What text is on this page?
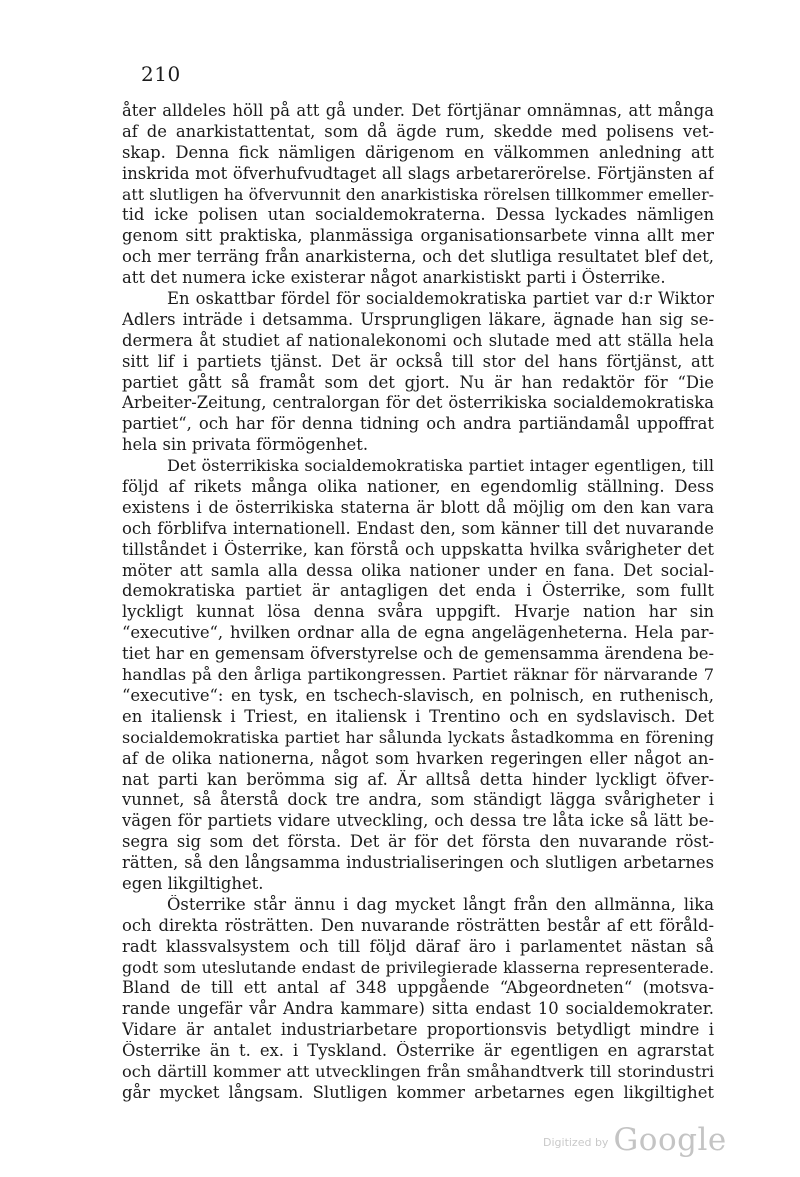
210
åter alldeles höll på att gå under. Det förtjänar omnämnas, att många
af de anarkistattentat, som då ägde rum, skedde med polisens vet-
skap. Denna fick nämligen därigenom en välkommen anledning att
inskrida mot öfverhufvudtaget all slags arbetarerörelse. Förtjänsten af
att slutligen ha öfvervunnit den anarkistiska rörelsen tillkommer emeller-
tid icke polisen utan socialdemokraterna. Dessa lyckades nämligen
genom sitt praktiska, planmässiga organisationsarbete vinna allt mer
och mer terräng från anarkisterna, och det slutliga resultatet blef det,
att det numera icke existerar något anarkistiskt parti i Österrike.
En oskattbar fördel för socialdemokratiska partiet var d:r Wiktor
Adlers inträde i detsamma. Ursprungligen läkare, ägnade han sig se-
dermera åt studiet af nationalekonomi och slutade med att ställa hela
sitt lif i partiets tjänst. Det är också till stor del hans förtjänst, att
partiet gått så framåt som det gjort. Nu är han redaktör för “Die
Arbeiter-Zeitung, centralorgan för det österrikiska socialdemokratiska
partiet“, och har för denna tidning och andra partiändamål uppoffrat
hela sin privata förmögenhet.
Det österrikiska socialdemokratiska partiet intager egentligen, till
följd af rikets många olika nationer, en egendomlig ställning. Dess
existens i de österrikiska staterna är blott då möjlig om den kan vara
och förblifva internationell. Endast den, som känner till det nuvarande
tillståndet i Österrike, kan förstå och uppskatta hvilka svårigheter det
möter att samla alla dessa olika nationer under en fana. Det social-
demokratiska partiet är antagligen det enda i Österrike, som fullt
lyckligt kunnat lösa denna svåra uppgift. Hvarje nation har sin
“executive“, hvilken ordnar alla de egna angelägenheterna. Hela par-
tiet har en gemensam öfverstyrelse och de gemensamma ärendena be-
handlas på den årliga partikongressen. Partiet räknar för närvarande 7
“executive“: en tysk, en tschech-slavisch, en polnisch, en ruthenisch,
en italiensk i Triest, en italiensk i Trentino och en sydslavisch. Det
socialdemokratiska partiet har sålunda lyckats åstadkomma en förening
af de olika nationerna, något som hvarken regeringen eller något an-
nat parti kan berömma sig af. Är alltså detta hinder lyckligt öfver-
vunnet, så återstå dock tre andra, som ständigt lägga svårigheter i
vägen för partiets vidare utveckling, och dessa tre låta icke så lätt be-
segra sig som det första. Det är för det första den nuvarande röst-
rätten, så den långsamma industrialiseringen och slutligen arbetarnes
egen likgiltighet.
Österrike står ännu i dag mycket långt från den allmänna, lika
och direkta rösträtten. Den nuvarande rösträtten består af ett föråld-
radt klassvalsystem och till följd däraf äro i parlamentet nästan så
godt som uteslutande endast de privilegierade klasserna representerade.
Bland de till ett antal af 348 uppgående “Abgeordneten“ (motsva-
rande ungefär vår Andra kammare) sitta endast 10 socialdemokrater.
Vidare är antalet industriarbetare proportionsvis betydligt mindre i
Österrike än t. ex. i Tyskland. Österrike är egentligen en agrarstat
och därtill kommer att utvecklingen från småhandtverk till storindustri
går mycket långsam. Slutligen kommer arbetarnes egen likgiltighet
$^{Digitized by}$ Google
